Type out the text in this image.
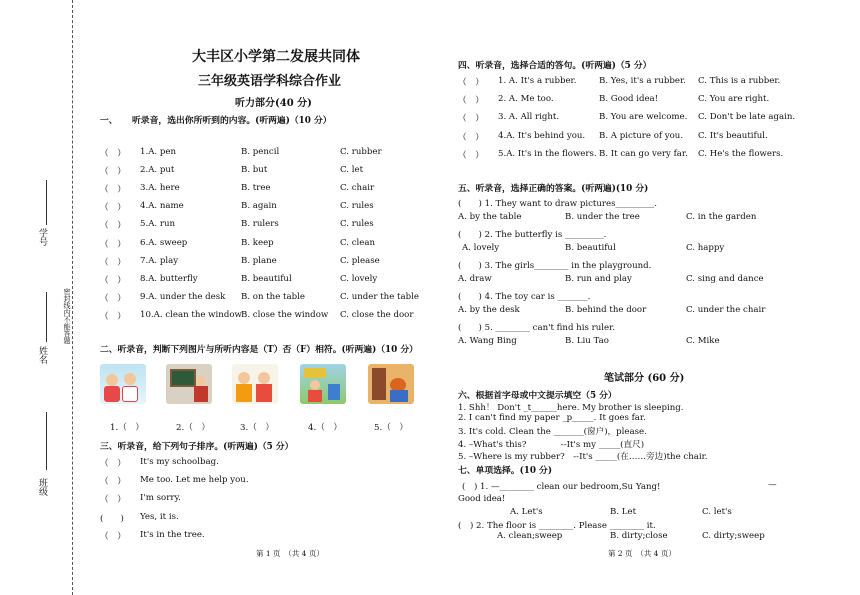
学号
姓名
密封线内不能答题
班级
大丰区小学第二发展共同体
三年级英语学科综合作业
听力部分(40 分)
一、 听录音，选出你所听到的内容。(听两遍)（10 分）
（　） 1.A. pen	B. pencil	C. rubber
（　） 2.A. put	B. but	C. let
（　） 3.A. here	B. tree	C. chair
（　） 4.A. name	B. again	C. rules
（　） 5.A. run	B. rulers	C. rules
（　） 6.A. sweep	B. keep	C. clean
（　） 7.A. play	B. plane	C. please
（　） 8.A. butterfly	B. beautiful	C. lovely
（　） 9.A. under the desk B. on the table	C. under the table
（　） 10.A. clean the window B. close the window C. close the door
二、听录音，判断下列图片与所听内容是（T）否（F）相符。(听两遍)（10 分）
1.（　）	2.（　）	3.（　）	4.（　）	5.（　）
三、听录音，给下列句子排序。(听两遍)（5 分）
（　） It's my schoolbag.
（　） Me too. Let me help you.
（　） I'm sorry.
(　　) Yes, it is.
（　） It's in the tree.
第 1 页　（共 4 页）
四、听录音，选择合适的答句。(听两遍)（5 分）
（　） 1. A. It's a rubber.	B. Yes, it's a rubber. C. This is a rubber.
（　） 2. A. Me too.	B. Good idea!	C. You are right.
（　） 3. A. All right.	B. You are welcome. C. Don't be late again.
（　） 4.A. It's behind you. B. A picture of you. C. It's beautiful.
（　） 5.A. It's in the flowers. B. It can go very far. C. He's the flowers.
五、听录音，选择正确的答案。(听两遍)(10 分)
(　　) 1. They want to draw pictures_________.
A. by the table	B. under the tree	C. in the garden
(　　) 2. The butterfly is _________.
A. lovely	B. beautiful	C. happy
(　　) 3. The girls________ in the playground.
A. draw	B. run and play	C. sing and dance
(　　) 4. The toy car is _______.
A. by the desk	B. behind the door	C. under the chair
(　　) 5. ________ can't find his ruler.
A. Wang Bing	B. Liu Tao	C. Mike
笔试部分 (60 分)
六、根据首字母或中文提示填空（5 分）
1. Shh！ Don't _t______here. My brother is sleeping.
2. I can't find my paper _p_____. It goes far.
3. It's cold. Clean the _______(窗户)，please.
4. –What's this?　　　　--It's my _____(直尺)
5. –Where is my rubber?　--It's _____(在……旁边)the chair.
七、单项选择。(10 分)
(　) 1. —________ clean our bedroom,Su Yang!	—
Good idea!
A. Let's	B. Let	C. let's
(　) 2. The floor is ________. Please ________ it.
A. clean;sweep	B. dirty;close	C. dirty;sweep
第 2 页　（共 4 页）
